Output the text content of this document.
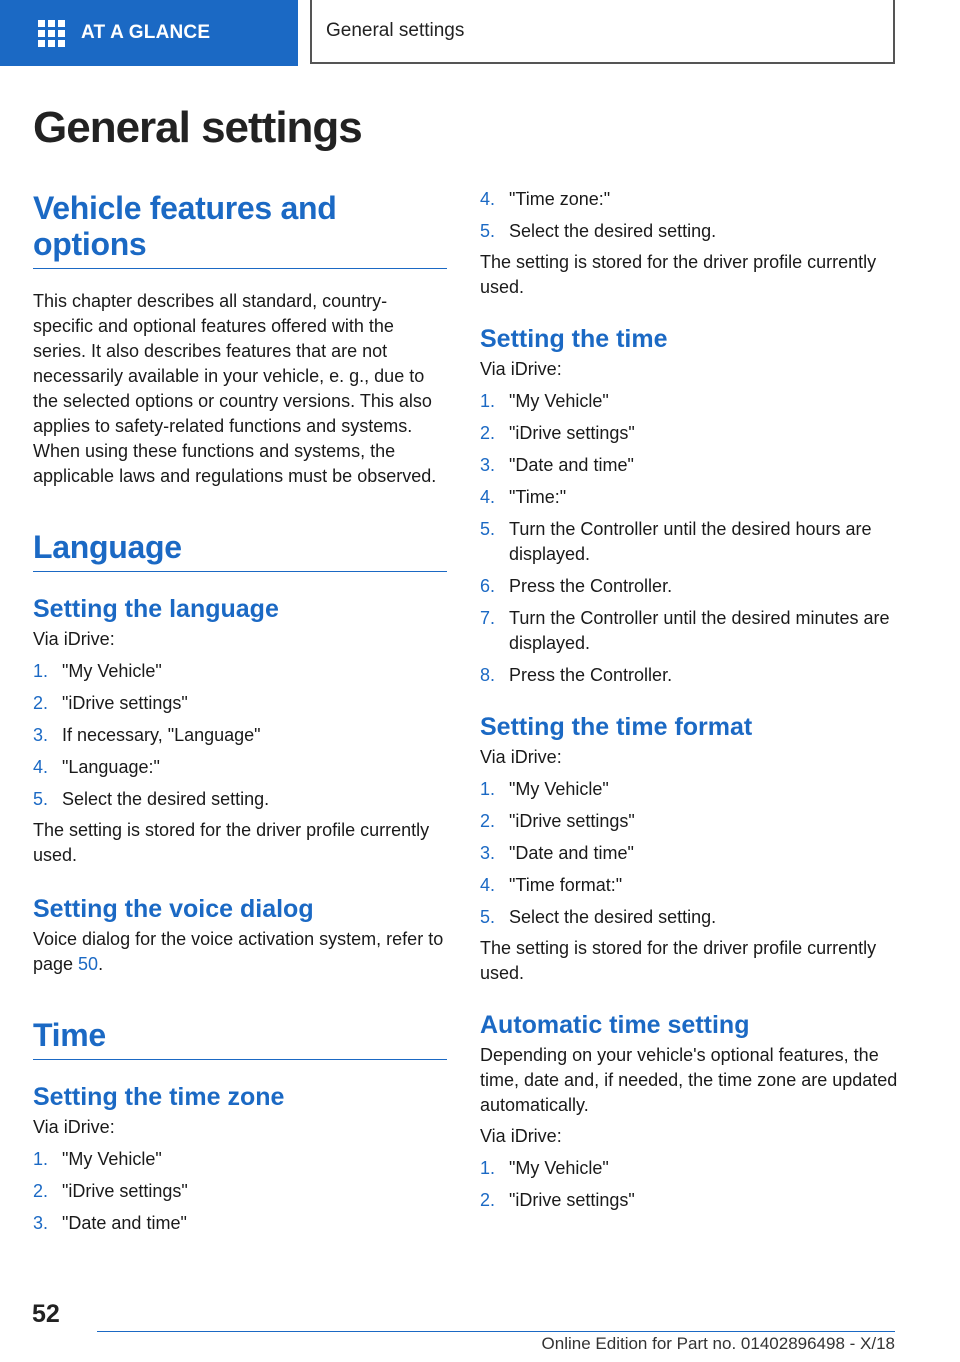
AT A GLANCE	General settings
General settings
Vehicle features and
options

This chapter describes all standard, country-specific and optional features offered with the series. It also describes features that are not necessarily available in your vehicle, e. g., due to the selected options or country versions. This also applies to safety-related functions and systems. When using these functions and systems, the applicable laws and regulations must be observed.

Language
Setting the language

Via iDrive:

1. "My Vehicle"
2. "iDrive settings"
3. If necessary, "Language"
4. "Language:"
5. Select the desired setting.

The setting is stored for the driver profile currently used.

Setting the voice dialog

Voice dialog for the voice activation system, refer to page 50.

Time
Setting the time zone

Via iDrive:

1. "My Vehicle"
2. "iDrive settings"
3. "Date and time"
4. "Time zone:"
5. Select the desired setting.

The setting is stored for the driver profile currently used.

Setting the time

Via iDrive:

1. "My Vehicle"
2. "iDrive settings"
3. "Date and time"
4. "Time:"
5. Turn the Controller until the desired hours are displayed.
6. Press the Controller.
7. Turn the Controller until the desired minutes are displayed.
8. Press the Controller.
Setting the time format

Via iDrive:

1. "My Vehicle"
2. "iDrive settings"
3. "Date and time"
4. "Time format:"
5. Select the desired setting.

The setting is stored for the driver profile currently used.

Automatic time setting

Depending on your vehicle's optional features, the time, date and, if needed, the time zone are updated automatically.

Via iDrive:

1. "My Vehicle"
2. "iDrive settings"
52
Online Edition for Part no. 01402896498 - X/18
